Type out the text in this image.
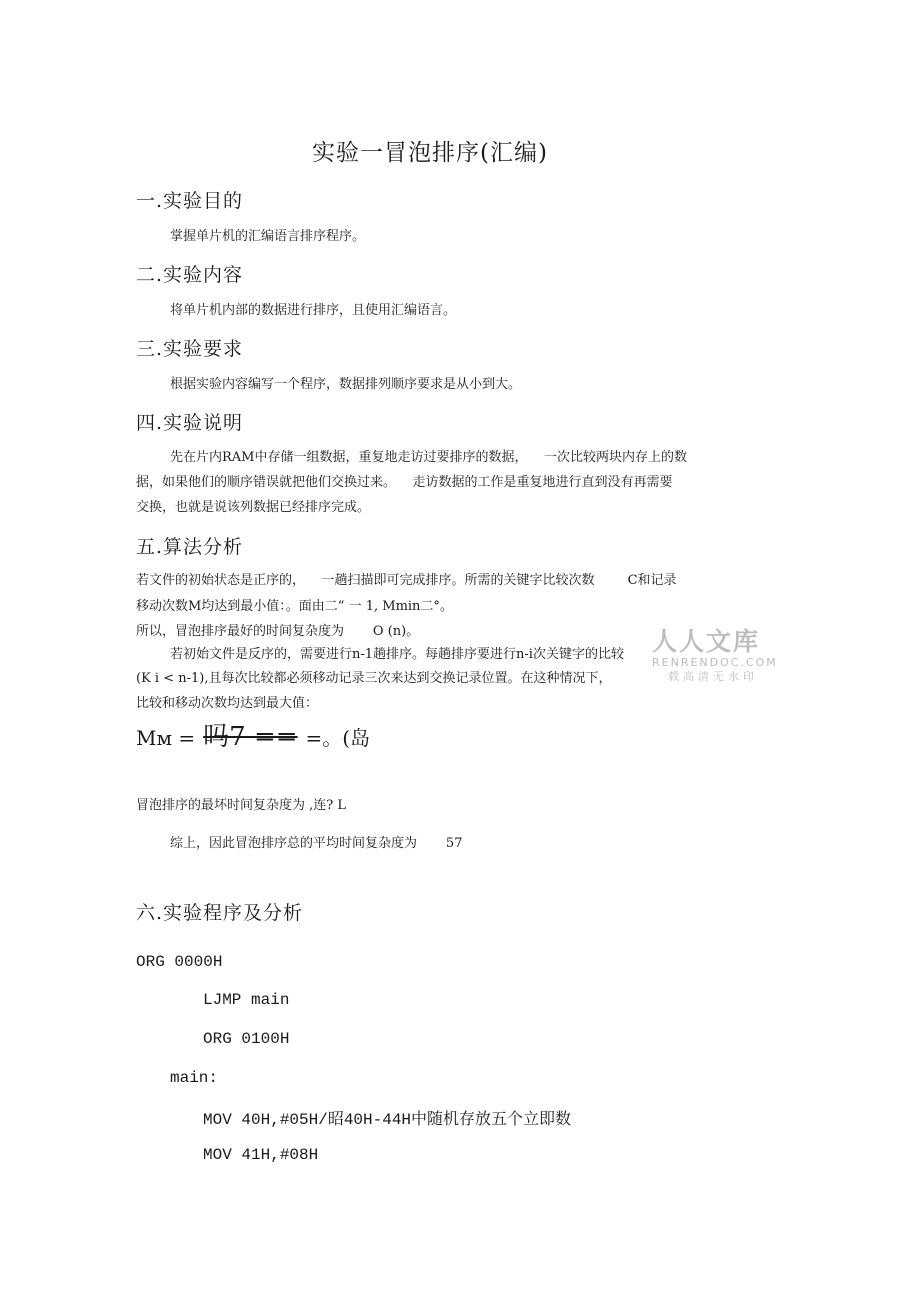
实验一冒泡排序(汇编)
一.实验目的
掌握单片机的汇编语言排序程序。
二.实验内容
将单片机内部的数据进行排序，且使用汇编语言。
三.实验要求
根据实验内容编写一个程序，数据排列顺序要求是从小到大。
四.实验说明
先在片内RAM中存储一组数据，重复地走访过要排序的数据，    一次比较两块内存上的数
据，如果他们的顺序错误就把他们交换过来。    走访数据的工作是重复地进行直到没有再需要
交换，也就是说该列数据已经排序完成。
五.算法分析
若文件的初始状态是正序的，    一趟扫描即可完成排序。所需的关键字比较次数        C和记录
移动次数M均达到最小值：。面由二“ 一 1, Mmin二°。
所以，冒泡排序最好的时间复杂度为       O (n)。
若初始文件是反序的，需要进行n-1趟排序。每趟排序要进行n-i次关键字的比较
(K i < n-1),且每次比较都必须移动记录三次来达到交换记录位置。在这种情况下，
比较和移动次数均达到最大值：
Mм = 吗7 == =。(岛
冒泡排序的最坏时间复杂度为 ,连? L
综上，因此冒泡排序总的平均时间复杂度为       57
六.实验程序及分析
ORG 0000H
LJMP main
ORG 0100H
main:
MOV 40H,#05H/昭40H-44H中随机存放五个立即数
MOV 41H,#08H
人人文库
RENRENDOC.COM
载高清无水印
